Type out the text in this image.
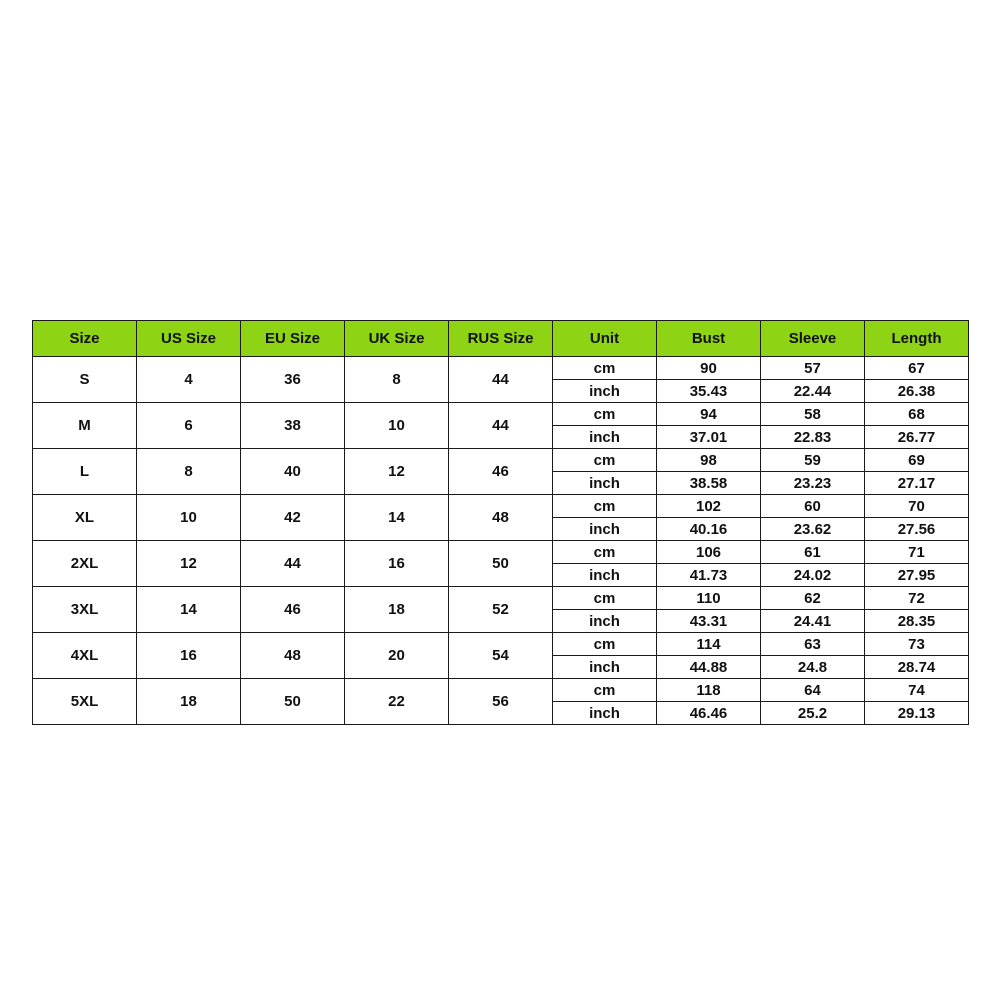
Size	US Size	EU Size	UK Size	RUS Size	Unit	Bust	Sleeve	Length
S	4	36	8	44	cm	90	57	67
					inch	35.43	22.44	26.38
M	6	38	10	44	cm	94	58	68
					inch	37.01	22.83	26.77
L	8	40	12	46	cm	98	59	69
					inch	38.58	23.23	27.17
XL	10	42	14	48	cm	102	60	70
					inch	40.16	23.62	27.56
2XL	12	44	16	50	cm	106	61	71
					inch	41.73	24.02	27.95
3XL	14	46	18	52	cm	110	62	72
					inch	43.31	24.41	28.35
4XL	16	48	20	54	cm	114	63	73
					inch	44.88	24.8	28.74
5XL	18	50	22	56	cm	118	64	74
					inch	46.46	25.2	29.13
